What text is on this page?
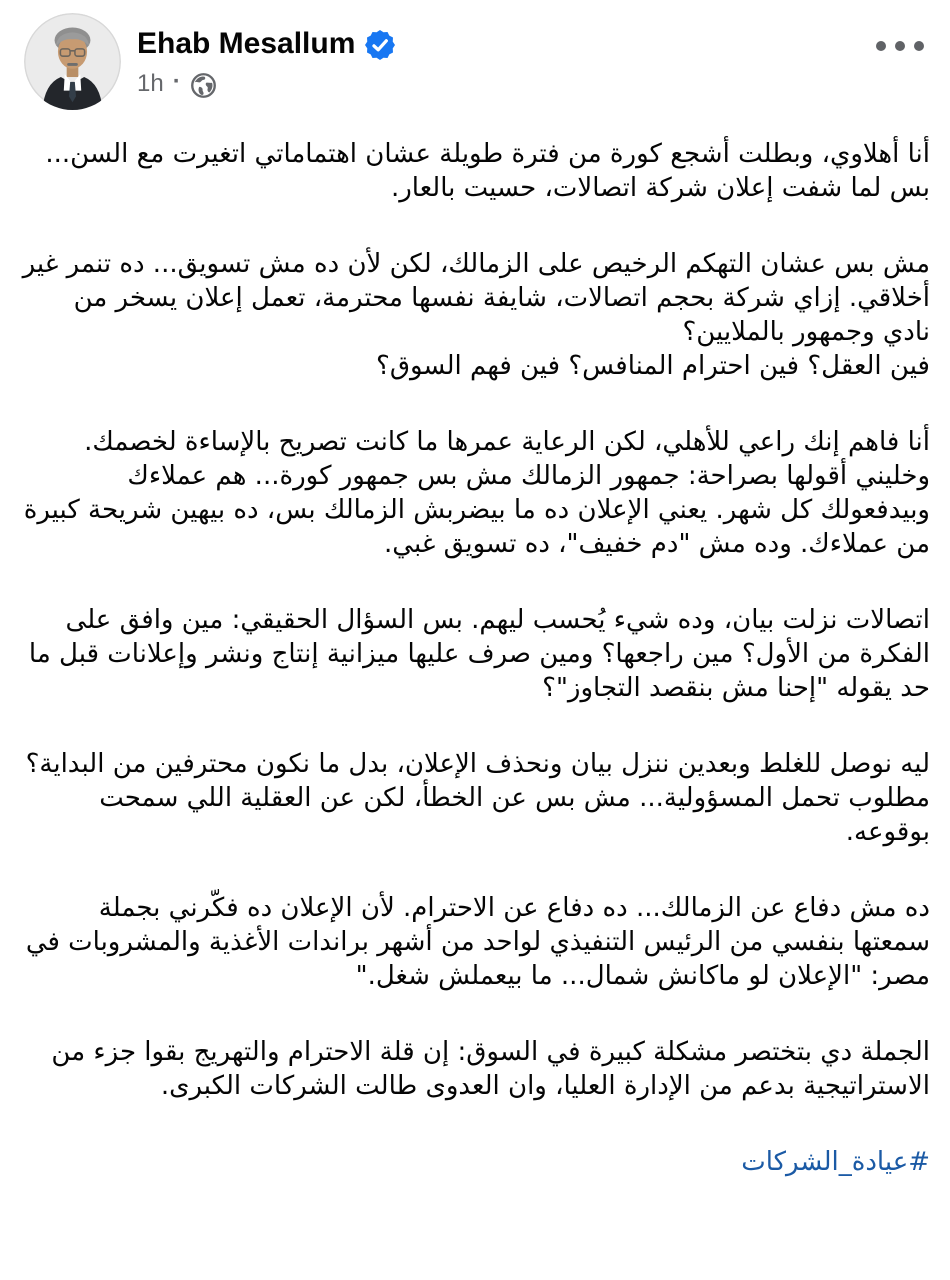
Ehab Mesallum
1h ·
أنا أهلاوي، وبطلت أشجع كورة من فترة طويلة عشان اهتماماتي اتغيرت مع السن...
بس لما شفت إعلان شركة اتصالات، حسيت بالعار.
مش بس عشان التهكم الرخيص على الزمالك، لكن لأن ده مش تسويق... ده تنمر غير أخلاقي. إزاي شركة بحجم اتصالات، شايفة نفسها محترمة، تعمل إعلان يسخر من نادي وجمهور بالملايين؟
فين العقل؟ فين احترام المنافس؟ فين فهم السوق؟
أنا فاهم إنك راعي للأهلي، لكن الرعاية عمرها ما كانت تصريح بالإساءة لخصمك. وخليني أقولها بصراحة: جمهور الزمالك مش بس جمهور كورة... هم عملاءك وبيدفعولك كل شهر. يعني الإعلان ده ما بيضربش الزمالك بس، ده بيهين شريحة كبيرة من عملاءك. وده مش "دم خفيف"، ده تسويق غبي.
اتصالات نزلت بيان، وده شيء يُحسب ليهم. بس السؤال الحقيقي: مين وافق على الفكرة من الأول؟ مين راجعها؟ ومين صرف عليها ميزانية إنتاج ونشر وإعلانات قبل ما حد يقوله "إحنا مش بنقصد التجاوز"؟
ليه نوصل للغلط وبعدين ننزل بيان ونحذف الإعلان، بدل ما نكون محترفين من البداية؟
مطلوب تحمل المسؤولية... مش بس عن الخطأ، لكن عن العقلية اللي سمحت بوقوعه.
ده مش دفاع عن الزمالك... ده دفاع عن الاحترام. لأن الإعلان ده فكّرني بجملة سمعتها بنفسي من الرئيس التنفيذي لواحد من أشهر براندات الأغذية والمشروبات في مصر: "الإعلان لو ماكانش شمال... ما بيعملش شغل."
الجملة دي بتختصر مشكلة كبيرة في السوق: إن قلة الاحترام والتهريج بقوا جزء من الاستراتيجية بدعم من الإدارة العليا، وان العدوى طالت الشركات الكبرى.
#عيادة_الشركات
